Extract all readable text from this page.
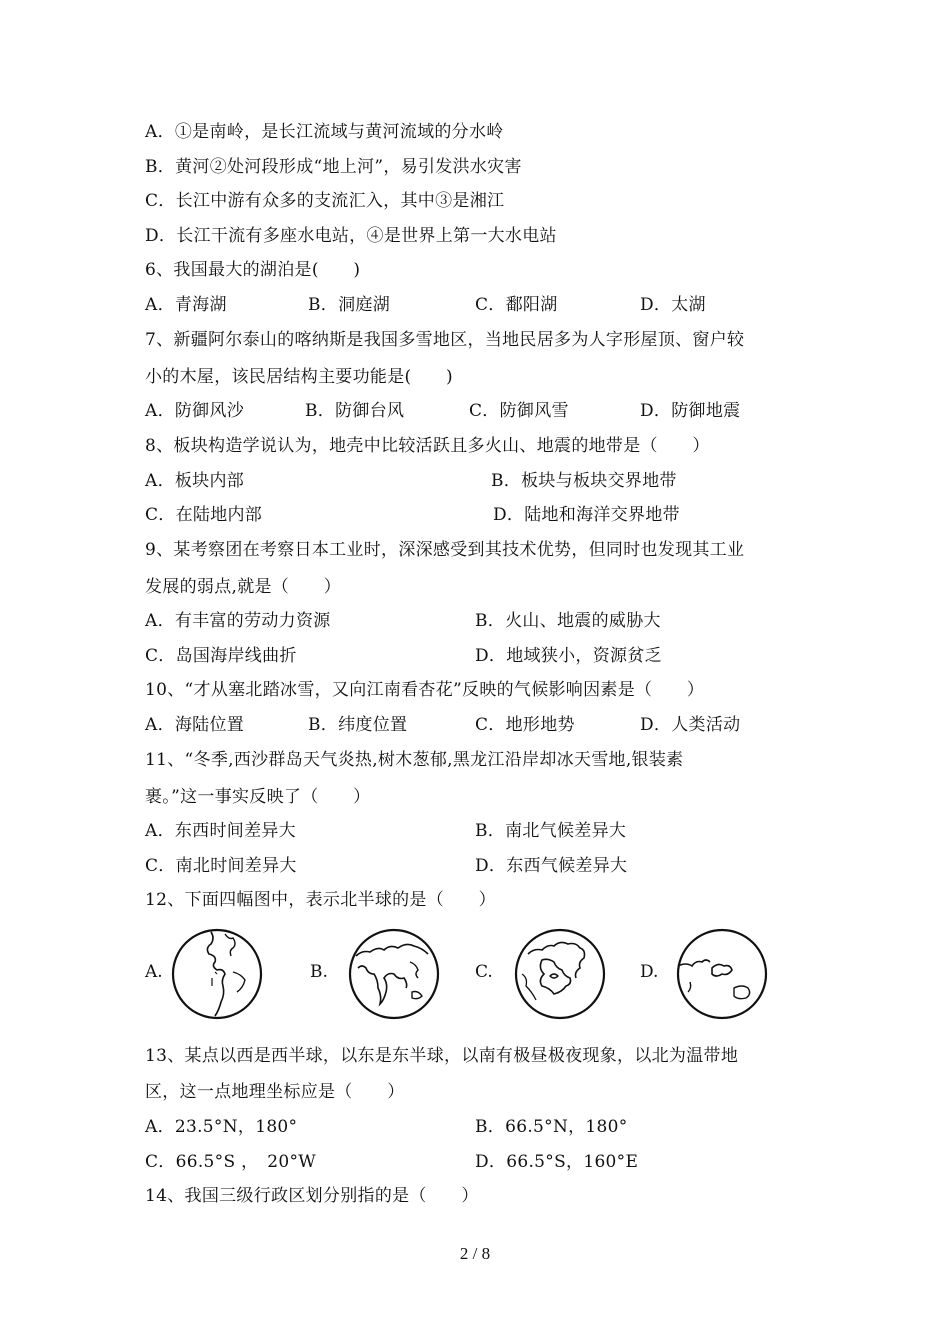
A．①是南岭，是长江流域与黄河流域的分水岭
B．黄河②处河段形成“地上河”，易引发洪水灾害
C．长江中游有众多的支流汇入，其中③是湘江
D．长江干流有多座水电站，④是世界上第一大水电站
6、我国最大的湖泊是(　　)
A．青海湖	B．洞庭湖	C．鄱阳湖	D．太湖
7、新疆阿尔泰山的喀纳斯是我国多雪地区，当地民居多为人字形屋顶、窗户较
小的木屋，该民居结构主要功能是(　　)
A．防御风沙	B．防御台风	C．防御风雪	D．防御地震
8、板块构造学说认为，地壳中比较活跃且多火山、地震的地带是（　　）
A．板块内部	B．板块与板块交界地带
C．在陆地内部	D．陆地和海洋交界地带
9、某考察团在考察日本工业时，深深感受到其技术优势，但同时也发现其工业
发展的弱点,就是（　　）
A．有丰富的劳动力资源	B．火山、地震的威胁大
C．岛国海岸线曲折	D．地域狭小，资源贫乏
10、“才从塞北踏冰雪，又向江南看杏花”反映的气候影响因素是（　　）
A．海陆位置	B．纬度位置	C．地形地势	D．人类活动
11、“冬季,西沙群岛天气炎热,树木葱郁,黑龙江沿岸却冰天雪地,银装素
裹。”这一事实反映了（　　）
A．东西时间差异大	B．南北气候差异大
C．南北时间差异大	D．东西气候差异大
12、下面四幅图中，表示北半球的是（　　）
A.	B.	C.	D.
13、某点以西是西半球，以东是东半球，以南有极昼极夜现象，以北为温带地
区，这一点地理坐标应是（　　）
A．23.5°N，180°	B．66.5°N，180°
C．66.5°S ，　20°W	D．66.5°S，160°E
14、我国三级行政区划分别指的是（　　）
2 / 8
